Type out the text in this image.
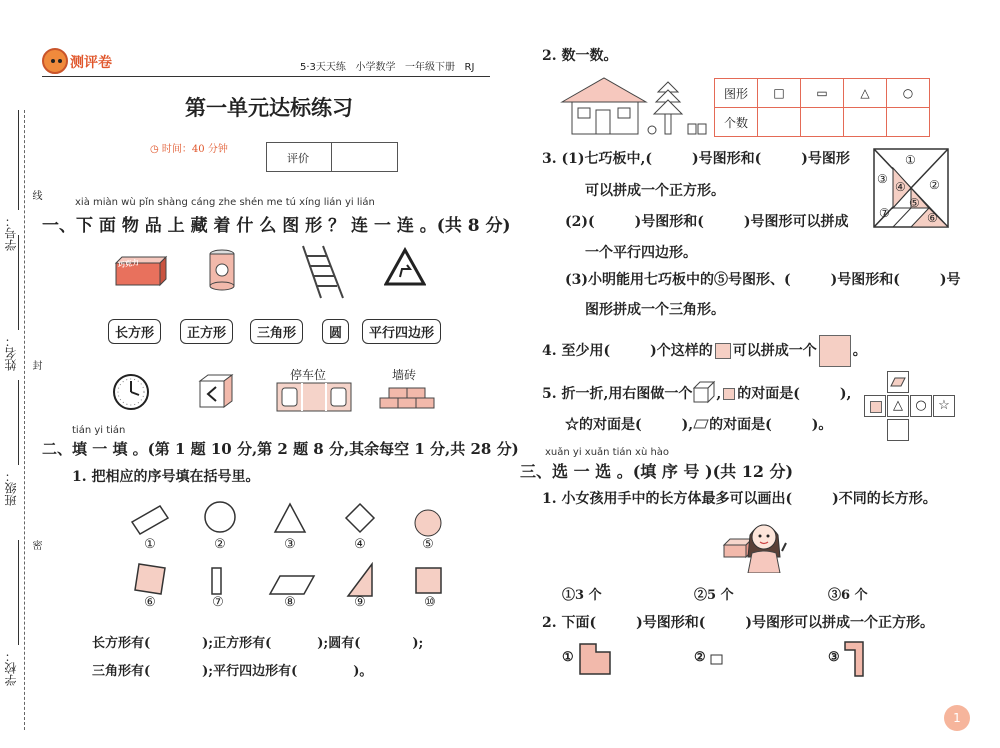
学号：
姓名：
班级：
学校：
线
封
密
测评卷	5·3天天练 小学数学 一年级下册 RJ
第一单元达标练习
◷ 时间：40 分钟
评价
xià miàn wù pǐn shàng cáng zhe shén me tú xíng lián yi lián
一、下 面 物 品 上 藏 着 什 么 图 形 ？ 连 一 连 。(共 8 分)
巧克力
长方形	正方形	三角形	圆	平行四边形
停车位	墙砖
tián yi tián
二、填 一 填 。(第 1 题 10 分,第 2 题 8 分,其余每空 1 分,共 28 分)
1. 把相应的序号填在括号里。
①	②	③	④	⑤
⑥	⑦	⑧	⑨	⑩
长方形有(	);正方形有(	);圆有(	);
三角形有(	);平行四边形有(	)。
2. 数一数。
图形	□	▭	△	○
个数				
3. (1)七巧板中,(	)号图形和(	)号图形
可以拼成一个正方形。
(2)(	)号图形和(	)号图形可以拼成
一个平行四边形。
(3)小明能用七巧板中的⑤号图形、(	)号图形和(	)号
图形拼成一个三角形。
①
②
③
④
⑤
⑥
⑦
4. 至少用(	)个这样的 可以拼成一个	。
5. 折一折,用右图做一个 , 的对面是(	),
☆的对面是(	), 的对面是(	)。
△ ○ ☆
xuǎn yi xuǎn tián xù hào
三、选 一 选 。(填 序 号 )(共 12 分)
1. 小女孩用手中的长方体最多可以画出(	)不同的长方形。
①3 个	②5 个	③6 个
2. 下面(	)号图形和(	)号图形可以拼成一个正方形。
①	②	③
1
